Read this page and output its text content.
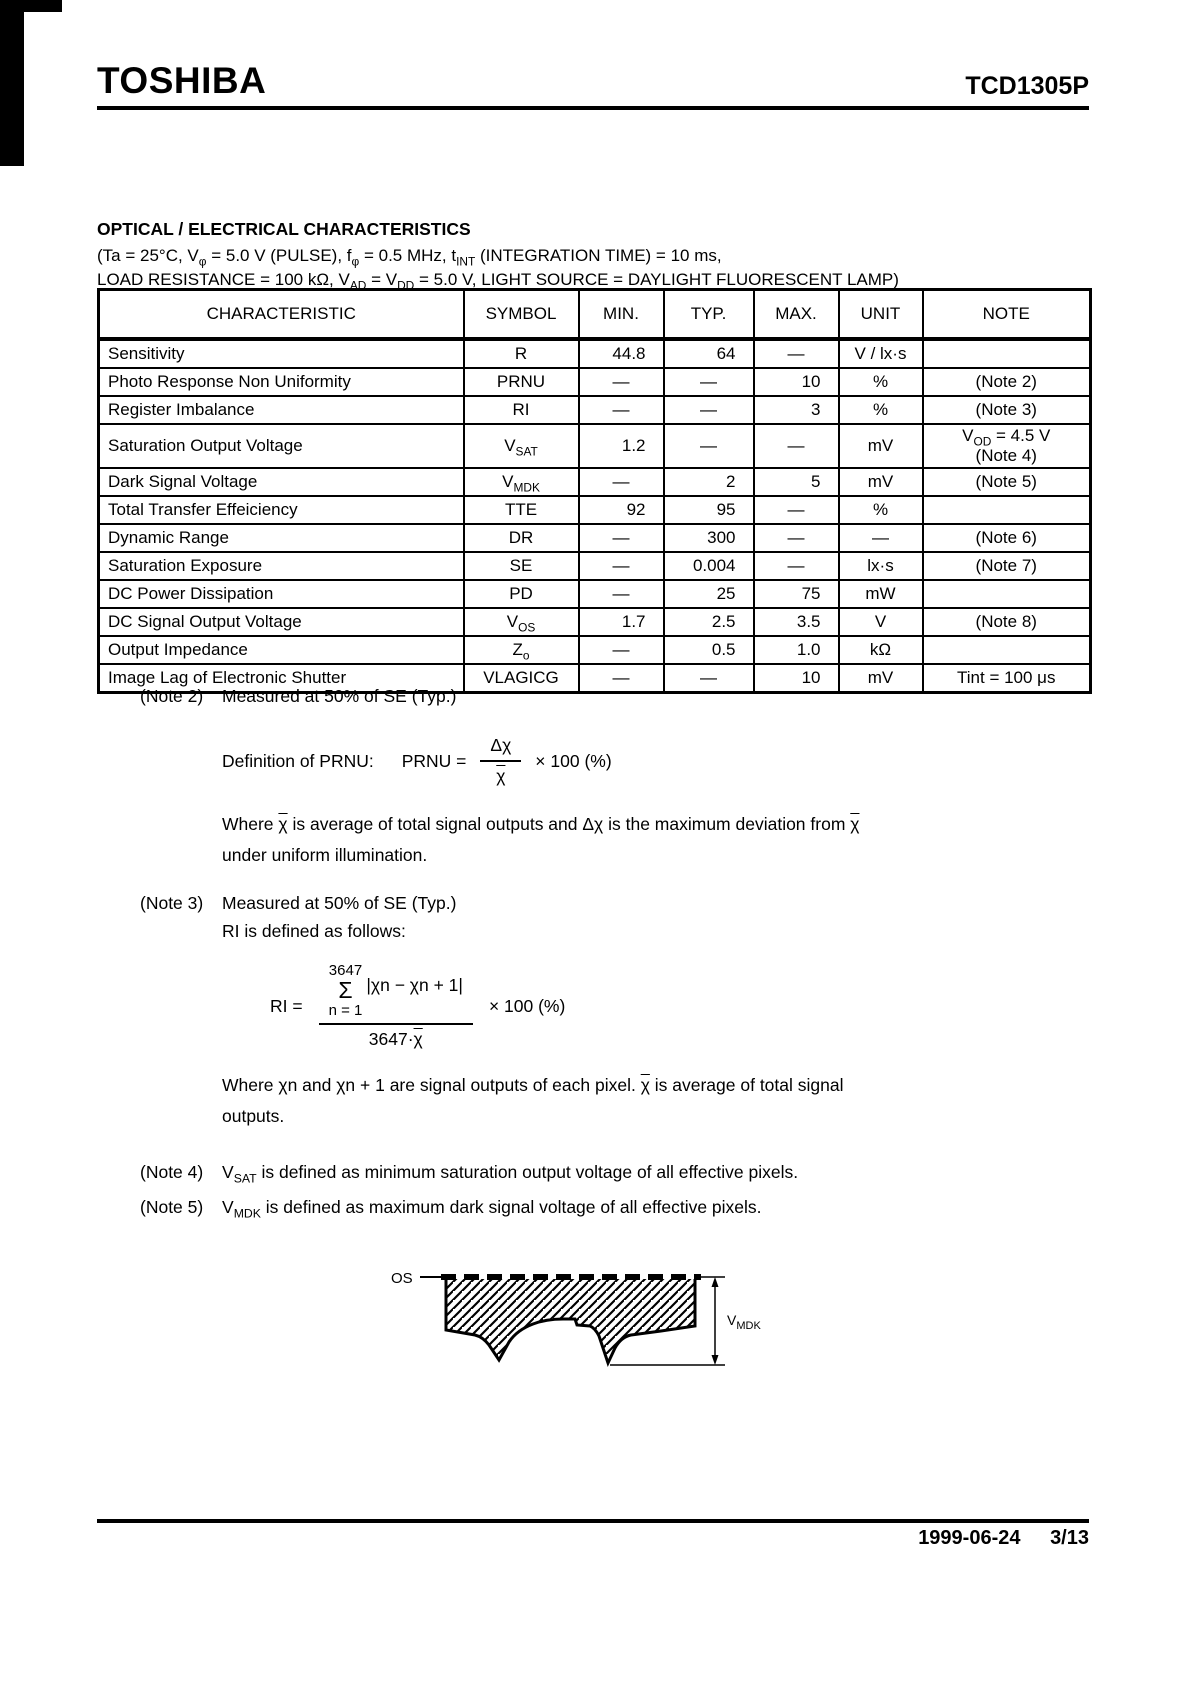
TOSHIBA	TCD1305P
OPTICAL / ELECTRICAL CHARACTERISTICS
(Ta = 25°C, $V_\varphi = 5.0$ V (PULSE), $f_\varphi = 0.5$ MHz, $t_{INT}$ (INTEGRATION TIME) = 10 ms,
LOAD RESISTANCE = 100 kΩ, $V_{AD} = V_{DD} = 5.0$ V, LIGHT SOURCE = DAYLIGHT FLUORESCENT LAMP)
CHARACTERISTIC	SYMBOL	MIN.	TYP.	MAX.	UNIT	NOTE
Sensitivity	R	44.8	64	—	V / lx·s	
Photo Response Non Uniformity	PRNU	—	—	10	%	(Note 2)
Register Imbalance	RI	—	—	3	%	(Note 3)
Saturation Output Voltage	$V_{SAT}$	1.2	—	—	mV	$V_{OD} = 4.5$ V
(Note 4)
Dark Signal Voltage	$V_{MDK}$	—	2	5	mV	(Note 5)
Total Transfer Effeiciency	TTE	92	95	—	%	
Dynamic Range	DR	—	300	—	—	(Note 6)
Saturation Exposure	SE	—	0.004	—	lx·s	(Note 7)
DC Power Dissipation	PD	—	25	75	mW	
DC Signal Output Voltage	$V_{OS}$	1.7	2.5	3.5	V	(Note 8)
Output Impedance	$Z_o$	—	0.5	1.0	kΩ	
Image Lag of Electronic Shutter	VLAGICG	—	—	10	mV	Tint = 100 μs
(Note 2)	Measured at 50% of SE (Typ.)
Definition of PRNU: PRNU = $\frac{\Delta\chi}{\chi} \times 100$ (%)
Where $\overline{\chi}$ is average of total signal outputs and Δχ is the maximum deviation from $\overline{\chi}$
under uniform illumination.
(Note 3)	Measured at 50% of SE (Typ.)
RI is defined as follows:
RI =
3647
Σ
n = 1
|χn − χn + 1|
$3647\cdot\overline{\chi}$
× 100 (%)
Where χn and χn + 1 are signal outputs of each pixel. $\overline{\chi}$ is average of total signal
outputs.
(Note 4)	$V_{SAT}$ is defined as minimum saturation output voltage of all effective pixels.
(Note 5)	$V_{MDK}$ is defined as maximum dark signal voltage of all effective pixels.
OS
$V_{MDK}$
1999-06-24 3/13
